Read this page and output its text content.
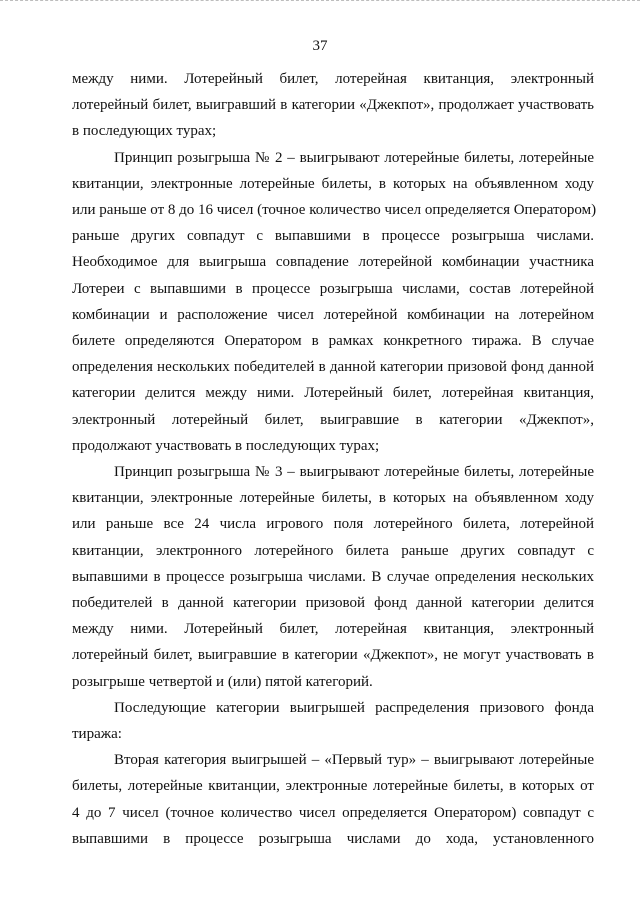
37

между ними. Лотерейный билет, лотерейная квитанция, электронный
лотерейный билет, выигравший в категории «Джекпот», продолжает участвовать
в последующих турах;

Принцип розыгрыша № 2 – выигрывают лотерейные билеты, лотерейные
квитанции, электронные лотерейные билеты, в которых на объявленном ходу
или раньше от 8 до 16 чисел (точное количество чисел определяется Оператором)
раньше других совпадут с выпавшими в процессе розыгрыша числами.
Необходимое для выигрыша совпадение лотерейной комбинации участника
Лотереи с выпавшими в процессе розыгрыша числами, состав лотерейной
комбинации и расположение чисел лотерейной комбинации на лотерейном
билете определяются Оператором в рамках конкретного тиража. В случае
определения нескольких победителей в данной категории призовой фонд данной
категории делится между ними. Лотерейный билет, лотерейная квитанция,
электронный лотерейный билет, выигравшие в категории «Джекпот»,
продолжают участвовать в последующих турах;

Принцип розыгрыша № 3 – выигрывают лотерейные билеты, лотерейные
квитанции, электронные лотерейные билеты, в которых на объявленном ходу
или раньше все 24 числа игрового поля лотерейного билета, лотерейной
квитанции, электронного лотерейного билета раньше других совпадут с
выпавшими в процессе розыгрыша числами. В случае определения нескольких
победителей в данной категории призовой фонд данной категории делится
между ними. Лотерейный билет, лотерейная квитанция, электронный
лотерейный билет, выигравшие в категории «Джекпот», не могут участвовать в
розыгрыше четвертой и (или) пятой категорий.

Последующие категории выигрышей распределения призового фонда
тиража:

Вторая категория выигрышей – «Первый тур» – выигрывают лотерейные
билеты, лотерейные квитанции, электронные лотерейные билеты, в которых от
4 до 7 чисел (точное количество чисел определяется Оператором) совпадут с
выпавшими в процессе розыгрыша числами до хода, установленного
